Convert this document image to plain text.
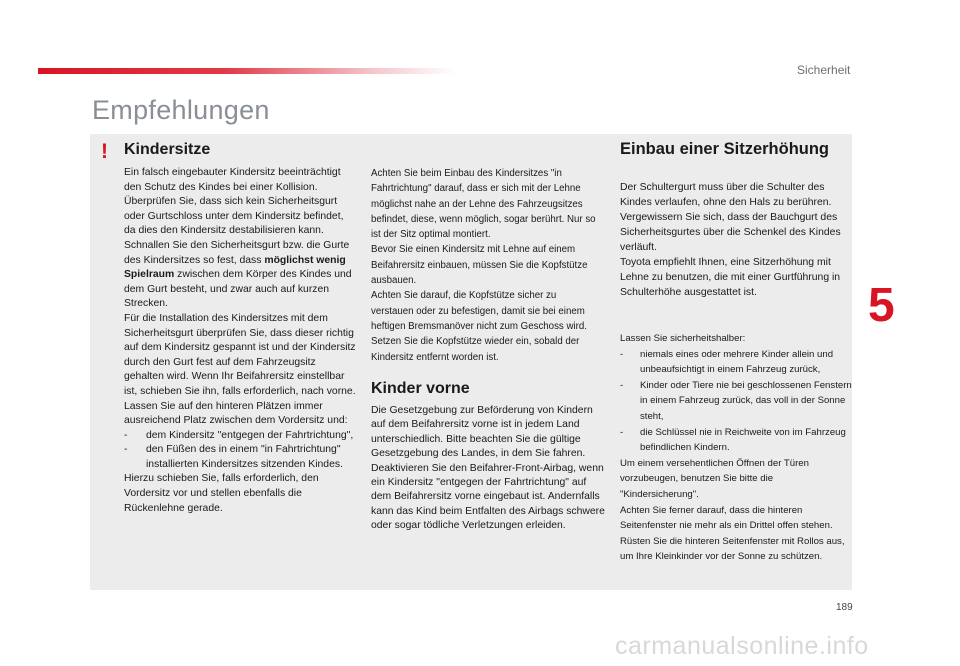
Sicherheit
Empfehlungen
! Kindersitze

Ein falsch eingebauter Kindersitz beeinträchtigt den Schutz des Kindes bei einer Kollision.

Überprüfen Sie, dass sich kein Sicherheitsgurt oder Gurtschloss unter dem Kindersitz befindet, da dies den Kindersitz destabilisieren kann.

Schnallen Sie den Sicherheitsgurt bzw. die Gurte des Kindersitzes so fest, dass möglichst wenig Spielraum zwischen dem Körper des Kindes und dem Gurt besteht, und zwar auch auf kurzen Strecken.

Für die Installation des Kindersitzes mit dem Sicherheitsgurt überprüfen Sie, dass dieser richtig auf dem Kindersitz gespannt ist und der Kindersitz durch den Gurt fest auf dem Fahrzeugsitz gehalten wird. Wenn Ihr Beifahrersitz einstellbar ist, schieben Sie ihn, falls erforderlich, nach vorne.

Lassen Sie auf den hinteren Plätzen immer ausreichend Platz zwischen dem Vordersitz und:

- dem Kindersitz "entgegen der Fahrtrichtung",
- den Füßen des in einem "in Fahrtrichtung" installierten Kindersitzes sitzenden Kindes.

Hierzu schieben Sie, falls erforderlich, den Vordersitz vor und stellen ebenfalls die Rückenlehne gerade.

Achten Sie beim Einbau des Kindersitzes "in Fahrtrichtung" darauf, dass er sich mit der Lehne möglichst nahe an der Lehne des Fahrzeugsitzes befindet, diese, wenn möglich, sogar berührt. Nur so ist der Sitz optimal montiert.

Bevor Sie einen Kindersitz mit Lehne auf einem Beifahrersitz einbauen, müssen Sie die Kopfstütze ausbauen.

Achten Sie darauf, die Kopfstütze sicher zu verstauen oder zu befestigen, damit sie bei einem heftigen Bremsmanöver nicht zum Geschoss wird.

Setzen Sie die Kopfstütze wieder ein, sobald der Kindersitz entfernt worden ist.

Kinder vorne

Die Gesetzgebung zur Beförderung von Kindern auf dem Beifahrersitz vorne ist in jedem Land unterschiedlich. Bitte beachten Sie die gültige Gesetzgebung des Landes, in dem Sie fahren.

Deaktivieren Sie den Beifahrer-Front-Airbag, wenn ein Kindersitz "entgegen der Fahrtrichtung" auf dem Beifahrersitz vorne eingebaut ist. Andernfalls kann das Kind beim Entfalten des Airbags schwere oder sogar tödliche Verletzungen erleiden.

Einbau einer Sitzerhöhung

Der Schultergurt muss über die Schulter des Kindes verlaufen, ohne den Hals zu berühren. Vergewissern Sie sich, dass der Bauchgurt des Sicherheitsgurtes über die Schenkel des Kindes verläuft.

Toyota empfiehlt Ihnen, eine Sitzerhöhung mit Lehne zu benutzen, die mit einer Gurtführung in Schulterhöhe ausgestattet ist.

Lassen Sie sicherheitshalber:

- niemals eines oder mehrere Kinder allein und unbeaufsichtigt in einem Fahrzeug zurück,
- Kinder oder Tiere nie bei geschlossenen Fenstern in einem Fahrzeug zurück, das voll in der Sonne steht,
- die Schlüssel nie in Reichweite von im Fahrzeug befindlichen Kindern.

Um einem versehentlichen Öffnen der Türen vorzubeugen, benutzen Sie bitte die "Kindersicherung".

Achten Sie ferner darauf, dass die hinteren Seitenfenster nie mehr als ein Drittel offen stehen.

Rüsten Sie die hinteren Seitenfenster mit Rollos aus, um Ihre Kleinkinder vor der Sonne zu schützen.

5
189
carmanualsonline.info
